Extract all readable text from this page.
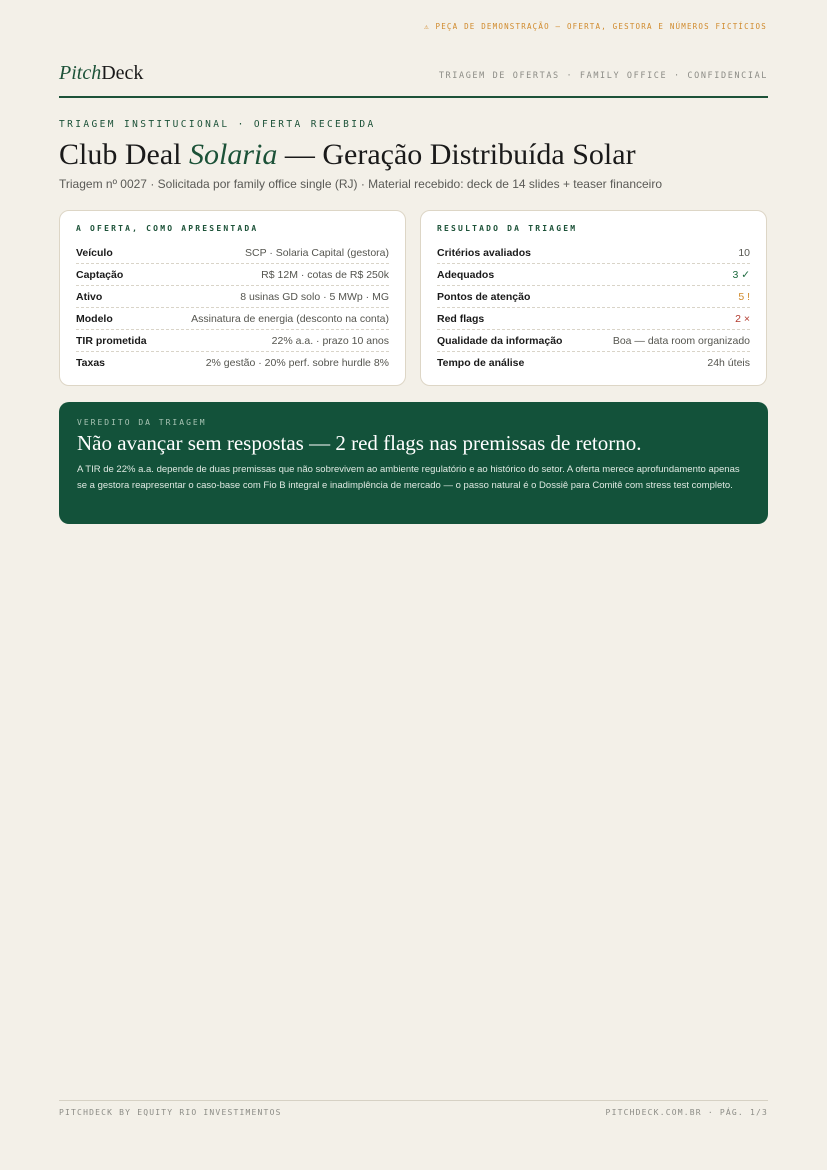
⚠ PEÇA DE DEMONSTRAÇÃO — OFERTA, GESTORA E NÚMEROS FICTÍCIOS
PitchDeck	TRIAGEM DE OFERTAS · FAMILY OFFICE · CONFIDENCIAL
TRIAGEM INSTITUCIONAL · OFERTA RECEBIDA
Club Deal Solaria — Geração Distribuída Solar
Triagem nº 0027 · Solicitada por family office single (RJ) · Material recebido: deck de 14 slides + teaser financeiro
A OFERTA, COMO APRESENTADA
Veículo	SCP · Solaria Capital (gestora)
Captação	R$ 12M · cotas de R$ 250k
Ativo	8 usinas GD solo · 5 MWp · MG
Modelo	Assinatura de energia (desconto na conta)
TIR prometida	22% a.a. · prazo 10 anos
Taxas	2% gestão · 20% perf. sobre hurdle 8%
RESULTADO DA TRIAGEM
Critérios avaliados	10
Adequados	3 ✓
Pontos de atenção	5 !
Red flags	2 ×
Qualidade da informação	Boa — data room organizado
Tempo de análise	24h úteis
VEREDITO DA TRIAGEM
Não avançar sem respostas — 2 red flags nas premissas de retorno.
A TIR de 22% a.a. depende de duas premissas que não sobrevivem ao ambiente regulatório e ao histórico do setor. A oferta merece aprofundamento apenas se a gestora reapresentar o caso-base com Fio B integral e inadimplência de mercado — o passo natural é o Dossiê para Comitê com stress test completo.
PITCHDECK BY EQUITY RIO INVESTIMENTOS	PITCHDECK.COM.BR · PÁG. 1/3
